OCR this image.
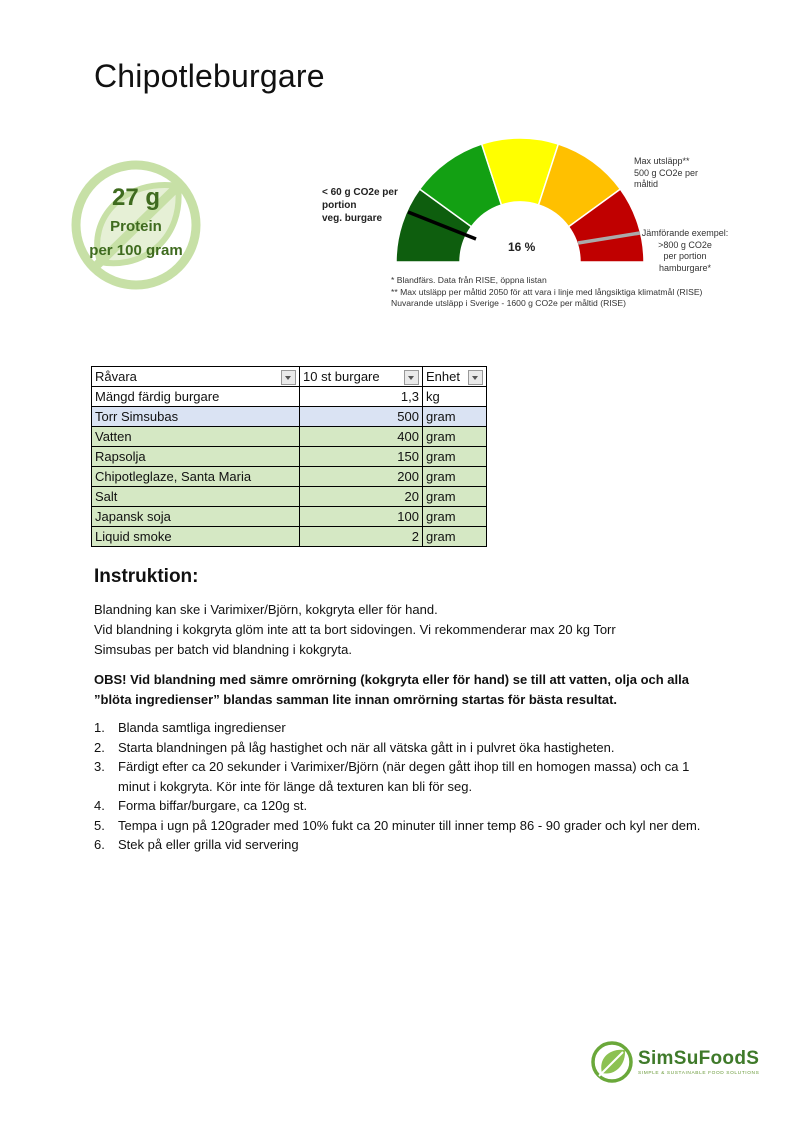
Chipotleburgare
27 g
Protein
per 100 gram
< 60 g CO2e per
portion
veg. burgare
Max utsläpp**
500 g CO2e per
måltid
Jämförande exempel:
>800 g CO2e
per portion
hamburgare*
16 %
* Blandfärs. Data från RISE, öppna listan
** Max utsläpp per måltid 2050 för att vara i linje med långsiktiga klimatmål (RISE)
Nuvarande utsläpp i Sverige - 1600 g CO2e per måltid (RISE)
Råvara	10 st burgare	Enhet

Mängd färdig burgare	1,3	kg
Torr Simsubas	500	gram
Vatten	400	gram
Rapsolja	150	gram
Chipotleglaze, Santa Maria	200	gram
Salt	20	gram
Japansk soja	100	gram
Liquid smoke	2	gram
Instruktion:
Blandning kan ske i Varimixer/Björn, kokgryta eller för hand.
Vid blandning i kokgryta glöm inte att ta bort sidovingen. Vi rekommenderar max 20 kg Torr
Simsubas per batch vid blandning i kokgryta.
OBS! Vid blandning med sämre omrörning (kokgryta eller för hand) se till att vatten, olja och alla
”blöta ingredienser” blandas samman lite innan omrörning startas för bästa resultat.
1. Blanda samtliga ingredienser
2. Starta blandningen på låg hastighet och när all vätska gått in i pulvret öka hastigheten.
3. Färdigt efter ca 20 sekunder i Varimixer/Björn (när degen gått ihop till en homogen massa) och ca 1 minut i kokgryta. Kör inte för länge då texturen kan bli för seg.
4. Forma biffar/burgare, ca 120g st.
5. Tempa i ugn på 120grader med 10% fukt ca 20 minuter till inner temp 86 - 90 grader och kyl ner dem.
6. Stek på eller grilla vid servering
SimSuFoodS
SIMPLE & SUSTAINABLE FOOD SOLUTIONS
